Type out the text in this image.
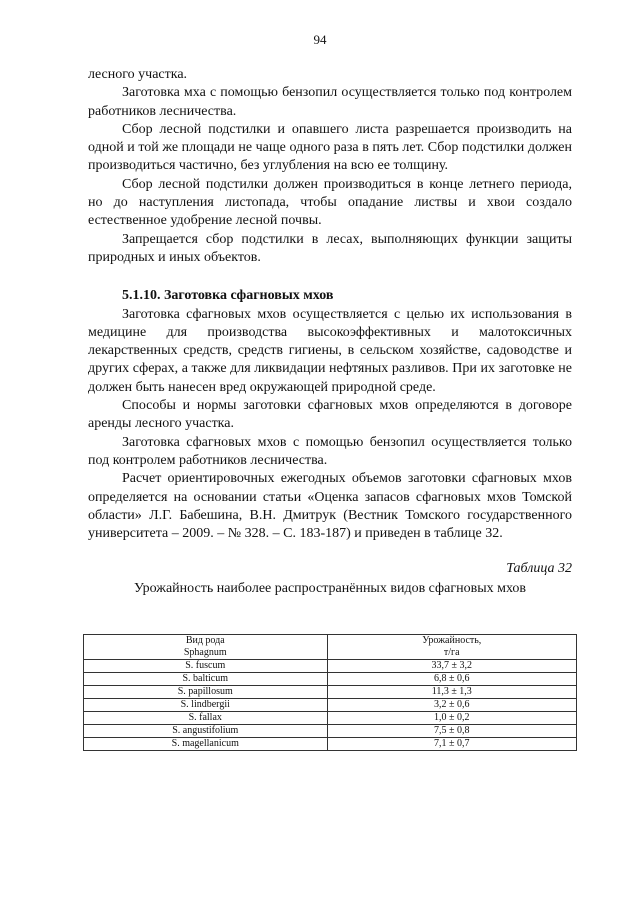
94

лесного участка.

Заготовка мха с помощью бензопил осуществляется только под контролем работников лесничества.

Сбор лесной подстилки и опавшего листа разрешается производить на одной и той же площади не чаще одного раза в пять лет. Сбор подстилки должен производиться частично, без углубления на всю ее толщину.

Сбор лесной подстилки должен производиться в конце летнего периода, но до наступления листопада, чтобы опадание листвы и хвои создало естественное удобрение лесной почвы.

Запрещается сбор подстилки в лесах, выполняющих функции защиты природных и иных объектов.

5.1.10. Заготовка сфагновых мхов

Заготовка сфагновых мхов осуществляется с целью их использования в медицине для производства высокоэффективных и малотоксичных лекарственных средств, средств гигиены, в сельском хозяйстве, садоводстве и других сферах, а также для ликвидации нефтяных разливов. При их заготовке не должен быть нанесен вред окружающей природной среде.

Способы и нормы заготовки сфагновых мхов определяются в договоре аренды лесного участка.

Заготовка сфагновых мхов с помощью бензопил осуществляется только под контролем работников лесничества.

Расчет ориентировочных ежегодных объемов заготовки сфагновых мхов определяется на основании статьи «Оценка запасов сфагновых мхов Томской области» Л.Г. Бабешина, В.Н. Дмитрук (Вестник Томского государственного университета – 2009. – № 328. – С. 183-187) и приведен в таблице 32.

Таблица 32
Урожайность наиболее распространённых видов сфагновых мхов
Вид рода
Sphagnum	Урожайность,
т/га
S. fuscum	33,7 ± 3,2
S. balticum	6,8 ± 0,6
S. papillosum	11,3 ± 1,3
S. lindbergii	3,2 ± 0,6
S. fallax	1,0 ± 0,2
S. angustifolium	7,5 ± 0,8
S. magellanicum	7,1 ± 0,7
